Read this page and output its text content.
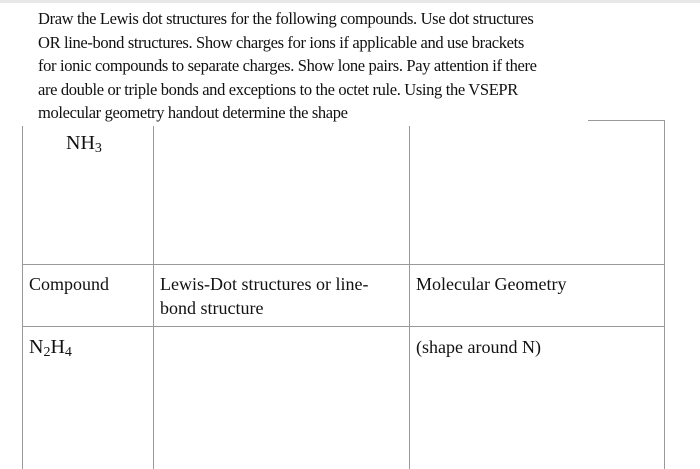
Draw the Lewis dot structures for the following compounds. Use dot structures
OR line-bond structures. Show charges for ions if applicable and use brackets
for ionic compounds to separate charges. Show lone pairs. Pay attention if there
are double or triple bonds and exceptions to the octet rule. Using the VSEPR
molecular geometry handout determine the shape
$NH_3$
Compound	Lewis-Dot structures or line-
bond structure
Molecular Geometry
$N_2H_4$	(shape around N)
